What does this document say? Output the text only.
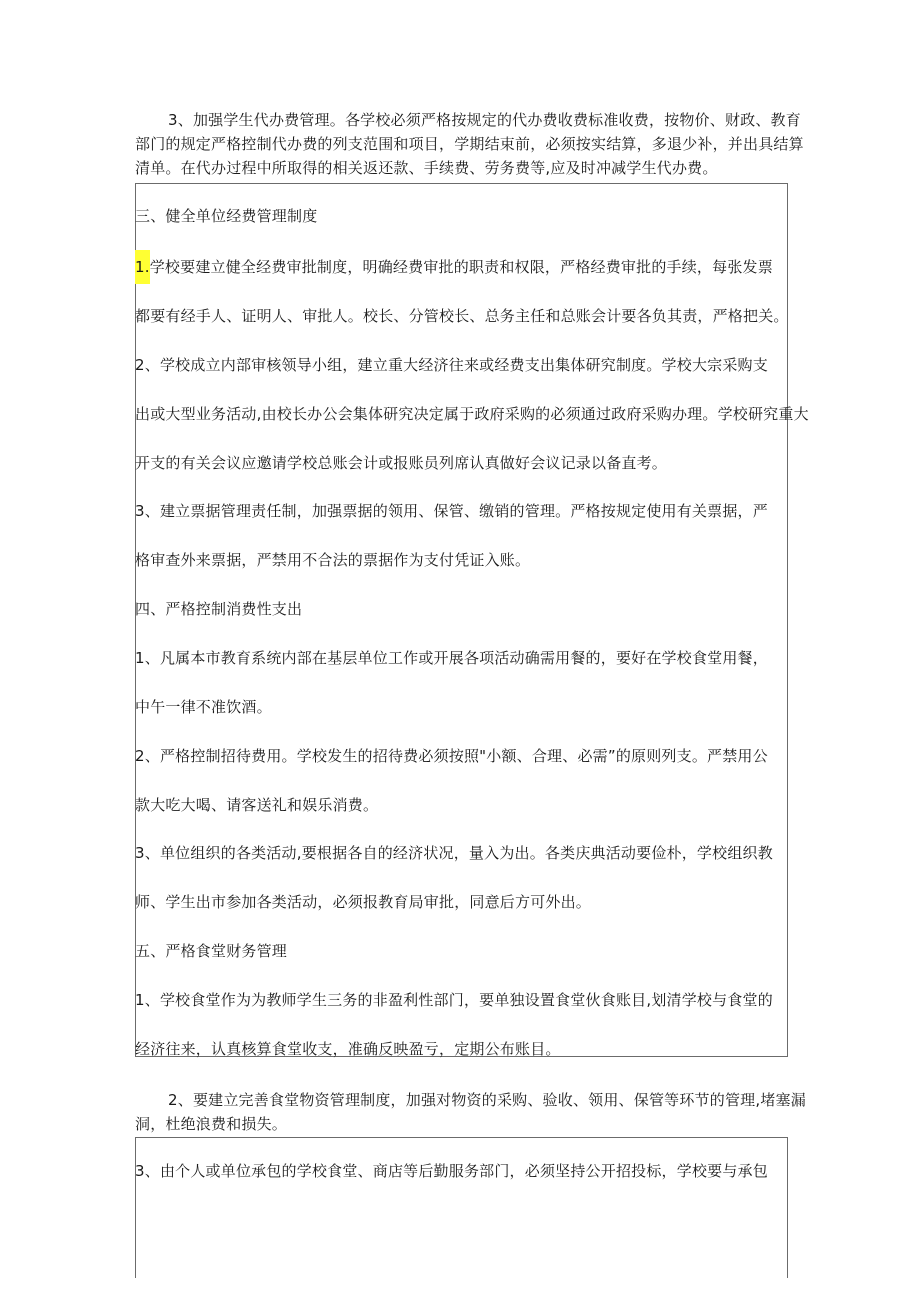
3、加强学生代办费管理。各学校必须严格按规定的代办费收费标准收费，按物价、财政、教育

部门的规定严格控制代办费的列支范围和项目，学期结束前，必须按实结算，多退少补，并出具结算

清单。在代办过程中所取得的相关返还款、手续费、劳务费等,应及时冲减学生代办费。

三、健全单位经费管理制度

1.学校要建立健全经费审批制度，明确经费审批的职责和权限，严格经费审批的手续，每张发票

都要有经手人、证明人、审批人。校长、分管校长、总务主任和总账会计要各负其责，严格把关。

2、学校成立内部审核领导小组，建立重大经济往来或经费支出集体研究制度。学校大宗采购支

出或大型业务活动,由校长办公会集体研究决定属于政府采购的必须通过政府采购办理。学校研究重大

开支的有关会议应邀请学校总账会计或报账员列席认真做好会议记录以备直考。

3、建立票据管理责任制，加强票据的领用、保管、缴销的管理。严格按规定使用有关票据，严

格审查外来票据，严禁用不合法的票据作为支付凭证入账。

四、严格控制消费性支出

1、凡属本市教育系统内部在基层单位工作或开展各项活动确需用餐的，要好在学校食堂用餐，

中午一律不准饮酒。

2、严格控制招待费用。学校发生的招待费必须按照"小额、合理、必需”的原则列支。严禁用公

款大吃大喝、请客送礼和娱乐消费。

3、单位组织的各类活动,要根据各自的经济状况，量入为出。各类庆典活动要俭朴，学校组织教

师、学生出市参加各类活动，必须报教育局审批，同意后方可外出。

五、严格食堂财务管理

1、学校食堂作为为教师学生三务的非盈利性部门，要单独设置食堂伙食账目,划清学校与食堂的

经济往来，认真核算食堂收支，准确反映盈亏，定期公布账目。

2、要建立完善食堂物资管理制度，加强对物资的采购、验收、领用、保管等环节的管理,堵塞漏

洞，杜绝浪费和损失。

3、由个人或单位承包的学校食堂、商店等后勤服务部门，必须坚持公开招投标，学校要与承包
